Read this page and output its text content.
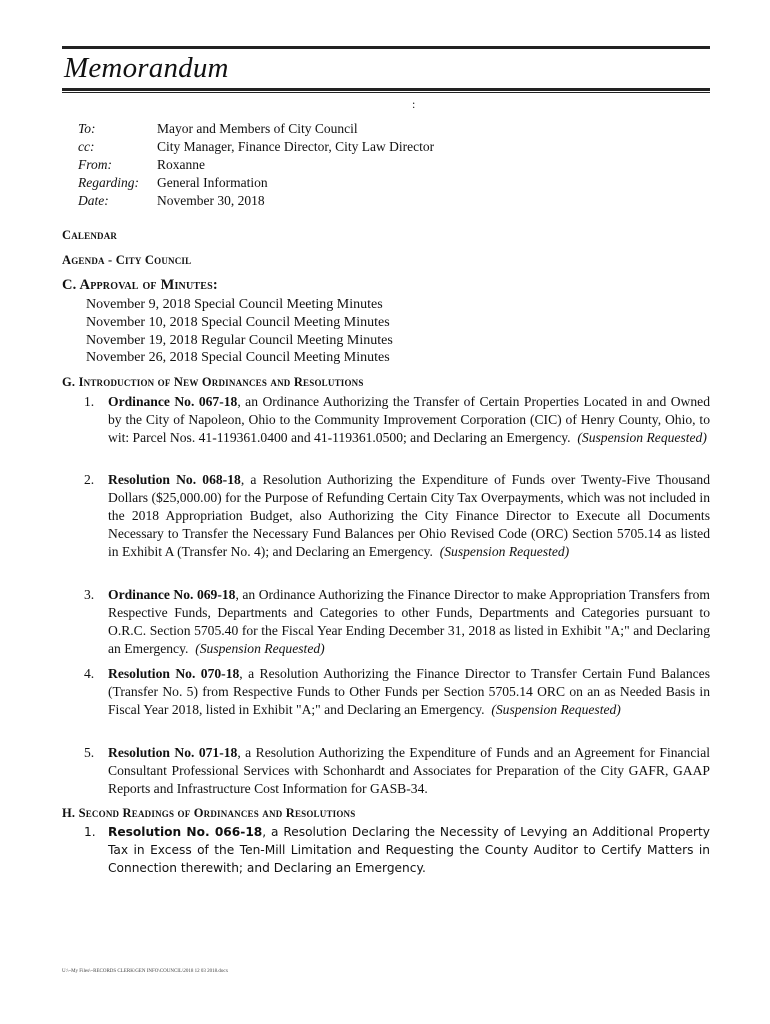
Memorandum
:
To:	Mayor and Members of City Council
cc:	City Manager, Finance Director, City Law Director
From:	Roxanne
Regarding:	General Information
Date:	November 30, 2018
Calendar
Agenda - City Council
C. Approval of Minutes:
November 9, 2018 Special Council Meeting Minutes
November 10, 2018 Special Council Meeting Minutes
November 19, 2018 Regular Council Meeting Minutes
November 26, 2018 Special Council Meeting Minutes
G. Introduction of New Ordinances and Resolutions
1.	Ordinance No. 067-18, an Ordinance Authorizing the Transfer of Certain Properties Located in and Owned by the City of Napoleon, Ohio to the Community Improvement Corporation (CIC) of Henry County, Ohio, to wit: Parcel Nos. 41-119361.0400 and 41-119361.0500; and Declaring an Emergency. (Suspension Requested)
2.	Resolution No. 068-18, a Resolution Authorizing the Expenditure of Funds over Twenty-Five Thousand Dollars ($25,000.00) for the Purpose of Refunding Certain City Tax Overpayments, which was not included in the 2018 Appropriation Budget, also Authorizing the City Finance Director to Execute all Documents Necessary to Transfer the Necessary Fund Balances per Ohio Revised Code (ORC) Section 5705.14 as listed in Exhibit A (Transfer No. 4); and Declaring an Emergency. (Suspension Requested)
3.	Ordinance No. 069-18, an Ordinance Authorizing the Finance Director to make Appropriation Transfers from Respective Funds, Departments and Categories to other Funds, Departments and Categories pursuant to O.R.C. Section 5705.40 for the Fiscal Year Ending December 31, 2018 as listed in Exhibit "A;" and Declaring an Emergency. (Suspension Requested)
4.	Resolution No. 070-18, a Resolution Authorizing the Finance Director to Transfer Certain Fund Balances (Transfer No. 5) from Respective Funds to Other Funds per Section 5705.14 ORC on an as Needed Basis in Fiscal Year 2018, listed in Exhibit "A;" and Declaring an Emergency. (Suspension Requested)
5.	Resolution No. 071-18, a Resolution Authorizing the Expenditure of Funds and an Agreement for Financial Consultant Professional Services with Schonhardt and Associates for Preparation of the City GAFR, GAAP Reports and Infrastructure Cost Information for GASB-34.
H. Second Readings of Ordinances and Resolutions
1.	Resolution No. 066-18, a Resolution Declaring the Necessity of Levying an Additional Property Tax in Excess of the Ten-Mill Limitation and Requesting the County Auditor to Certify Matters in Connection therewith; and Declaring an Emergency.
U:\~My Files\~RECORDS CLERK\GEN INFO\COUNCIL\2018 12 03 2018.docx
